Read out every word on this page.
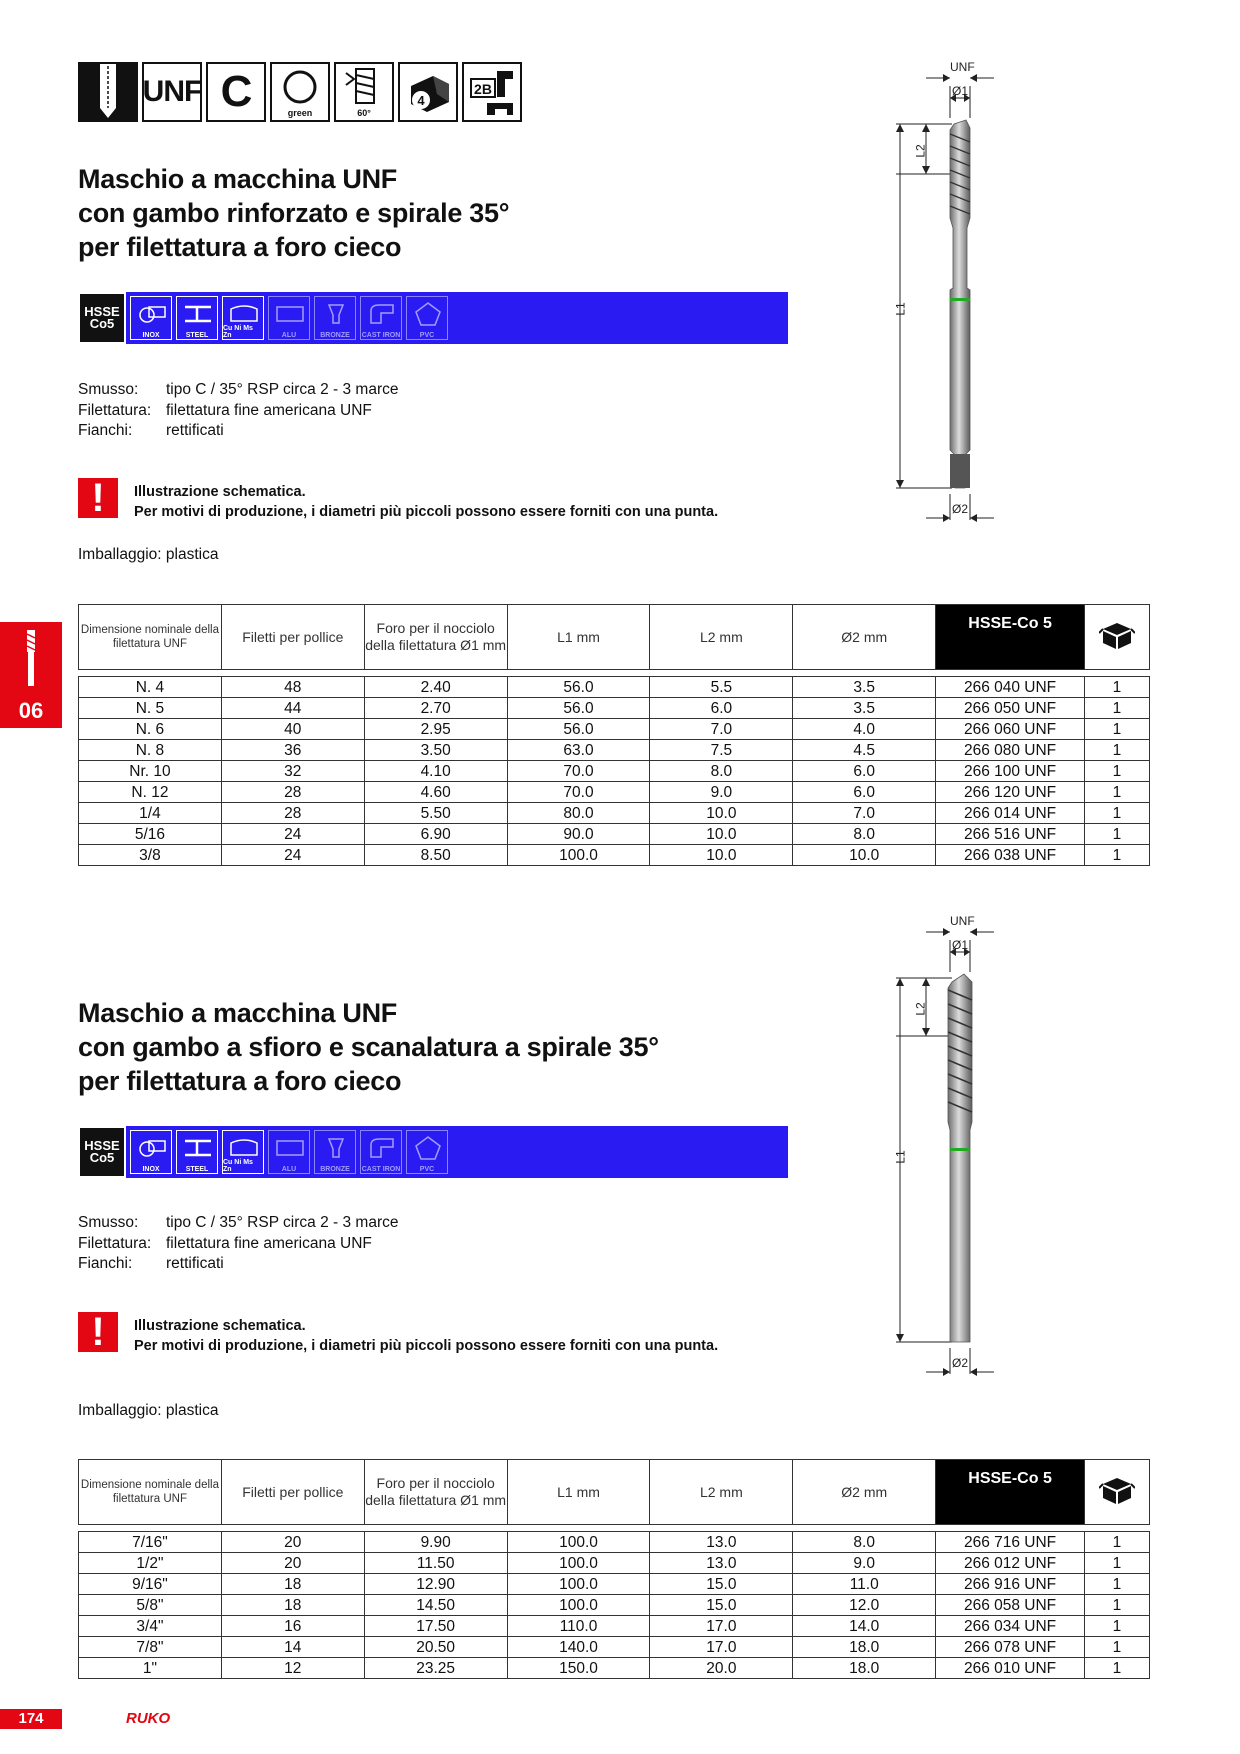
UNF C	green	60°
4
2B
06
Maschio a macchina UNF
con gambo rinforzato e spirale 35°
per filettatura a foro cieco
HSSE
Co5
INOX	STEEL
Cu Ni Ms Zn	ALU	BRONZE CAST IRON	PVC
Smusso: tipo C / 35° RSP circa 2 - 3 marce
Filettatura: filettatura fine americana UNF
Fianchi: rettificati
!	Illustrazione schematica.
Per motivi di produzione, i diametri più piccoli possono essere forniti con una punta.
Imballaggio: plastica
Dimensione nominale della filettatura UNF	Filetti per pollice	Foro per il nocciolo della filettatura Ø1 mm	L1 mm	L2 mm	Ø2 mm	HSSE-Co 5	

N. 4	48	2.40	56.0	5.5	3.5	266 040 UNF	1
N. 5	44	2.70	56.0	6.0	3.5	266 050 UNF	1
N. 6	40	2.95	56.0	7.0	4.0	266 060 UNF	1
N. 8	36	3.50	63.0	7.5	4.5	266 080 UNF	1
Nr. 10	32	4.10	70.0	8.0	6.0	266 100 UNF	1
N. 12	28	4.60	70.0	9.0	6.0	266 120 UNF	1
1/4	28	5.50	80.0	10.0	7.0	266 014 UNF	1
5/16	24	6.90	90.0	10.0	8.0	266 516 UNF	1
3/8	24	8.50	100.0	10.0	10.0	266 038 UNF	1
UNF
Ø1
L2
L1
Ø2
Maschio a macchina UNF
con gambo a sfioro e scanalatura a spirale 35°
per filettatura a foro cieco
HSSE
Co5
INOX	STEEL
Cu Ni Ms Zn	ALU	BRONZE CAST IRON	PVC
Smusso: tipo C / 35° RSP circa 2 - 3 marce
Filettatura: filettatura fine americana UNF
Fianchi: rettificati
!	Illustrazione schematica.
Per motivi di produzione, i diametri più piccoli possono essere forniti con una punta.
Imballaggio: plastica
Dimensione nominale della filettatura UNF	Filetti per pollice	Foro per il nocciolo della filettatura Ø1 mm	L1 mm	L2 mm	Ø2 mm	HSSE-Co 5	

7/16"	20	9.90	100.0	13.0	8.0	266 716 UNF	1
1/2"	20	11.50	100.0	13.0	9.0	266 012 UNF	1
9/16"	18	12.90	100.0	15.0	11.0	266 916 UNF	1
5/8"	18	14.50	100.0	15.0	12.0	266 058 UNF	1
3/4"	16	17.50	110.0	17.0	14.0	266 034 UNF	1
7/8"	14	20.50	140.0	17.0	18.0	266 078 UNF	1
1"	12	23.25	150.0	20.0	18.0	266 010 UNF	1
UNF
Ø1
L2
L1
Ø2
174	RUKO
